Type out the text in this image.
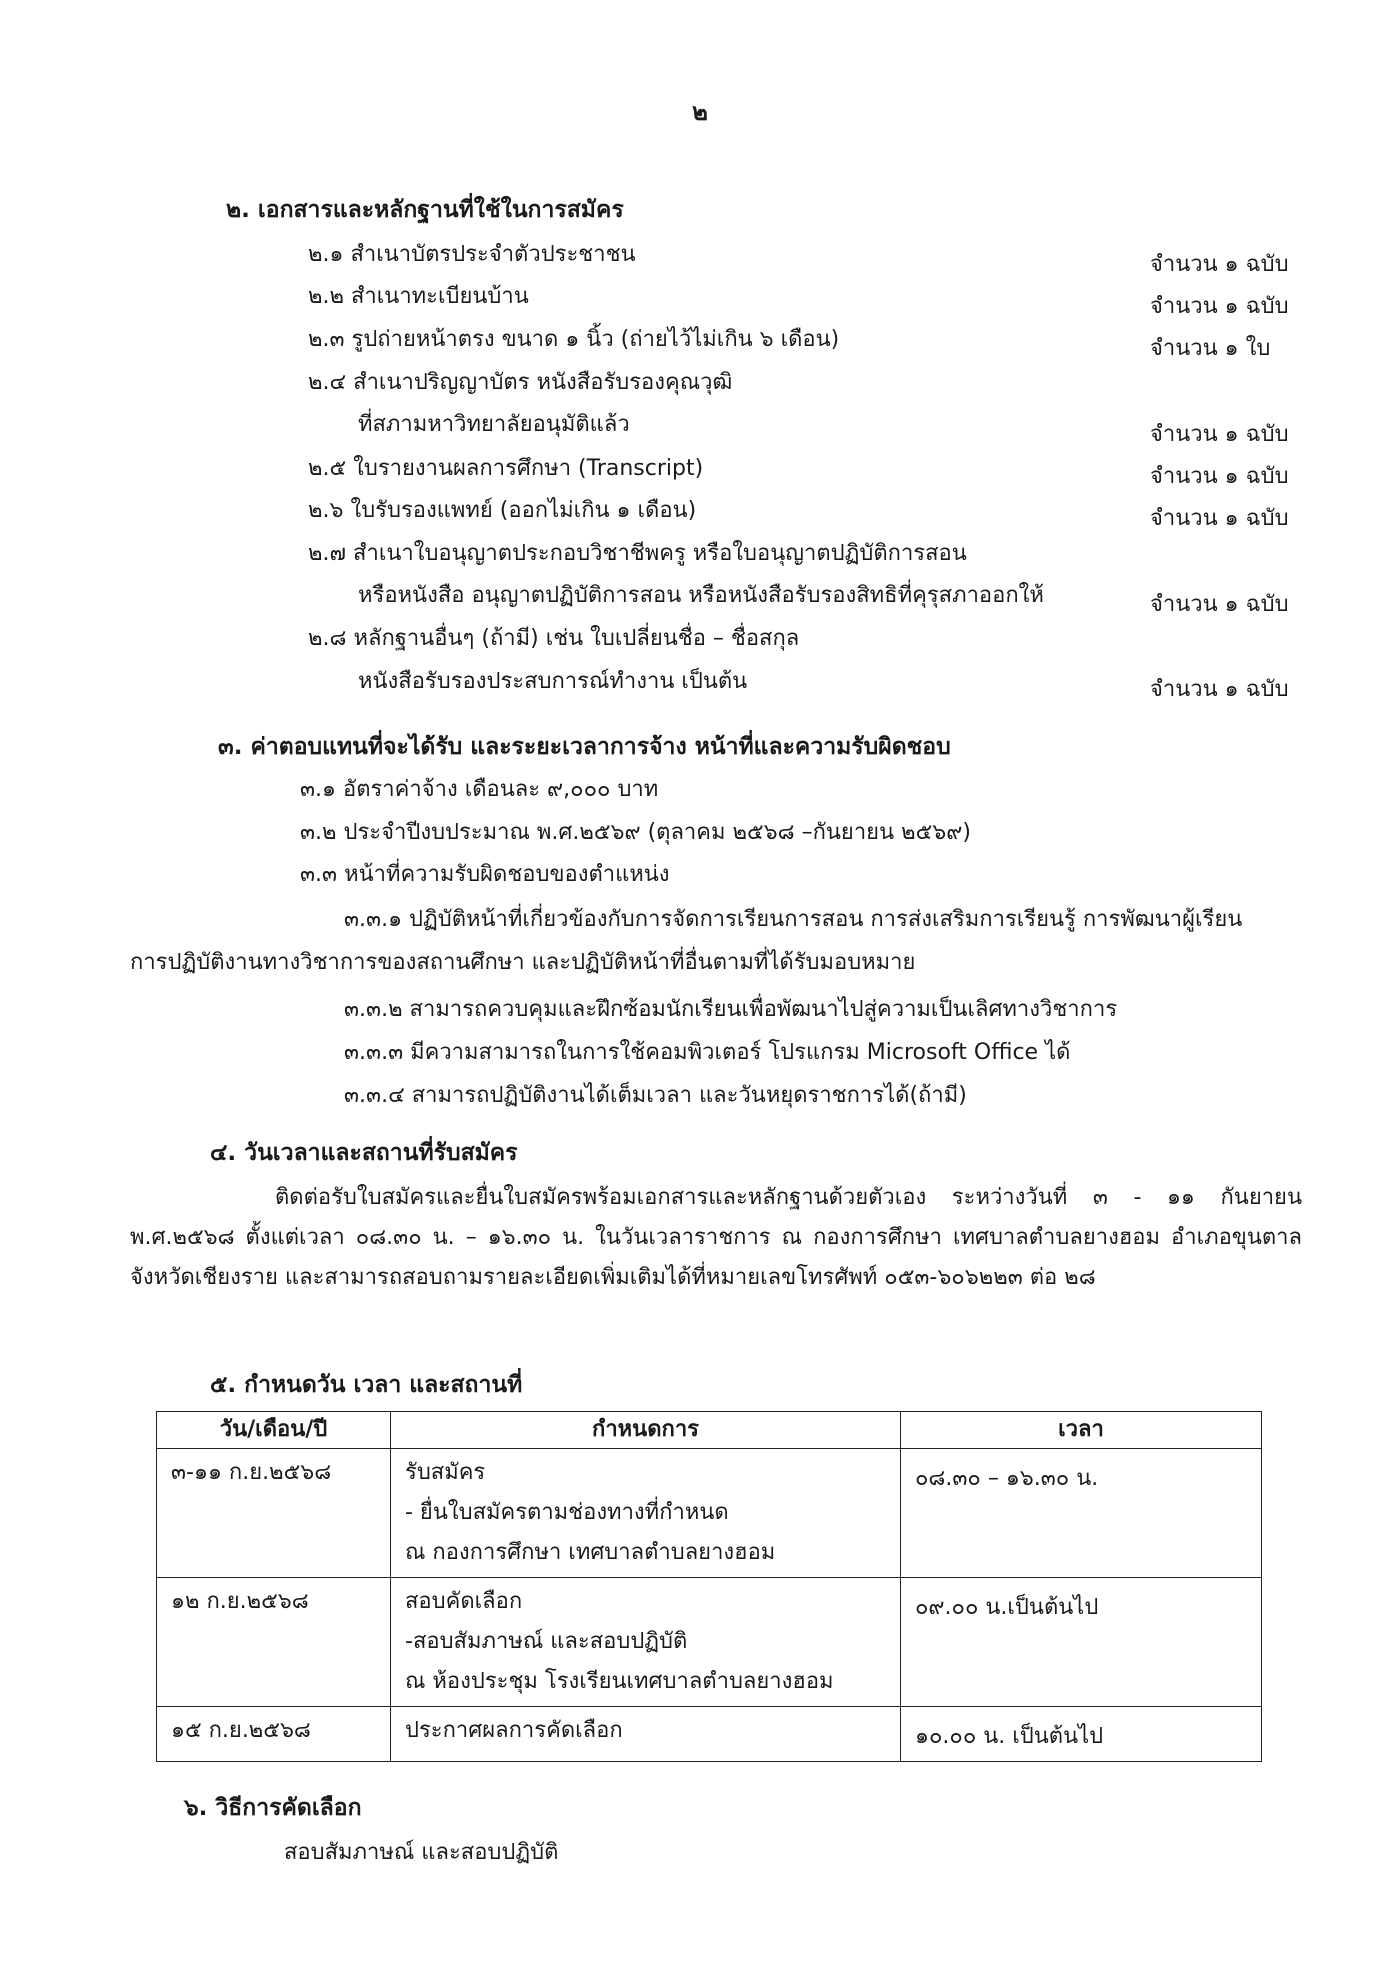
๒
๒. เอกสารและหลักฐานที่ใช้ในการสมัคร
๒.๑ สำเนาบัตรประจำตัวประชาชน	จำนวน ๑ ฉบับ
๒.๒ สำเนาทะเบียนบ้าน	จำนวน ๑ ฉบับ
๒.๓ รูปถ่ายหน้าตรง ขนาด ๑ นิ้ว (ถ่ายไว้ไม่เกิน ๖ เดือน)	จำนวน ๑ ใบ
๒.๔ สำเนาปริญญาบัตร หนังสือรับรองคุณวุฒิ
ที่สภามหาวิทยาลัยอนุมัติแล้ว	จำนวน ๑ ฉบับ
๒.๕ ใบรายงานผลการศึกษา (Transcript)	จำนวน ๑ ฉบับ
๒.๖ ใบรับรองแพทย์ (ออกไม่เกิน ๑ เดือน)	จำนวน ๑ ฉบับ
๒.๗ สำเนาใบอนุญาตประกอบวิชาชีพครู หรือใบอนุญาตปฏิบัติการสอน
หรือหนังสือ อนุญาตปฏิบัติการสอน หรือหนังสือรับรองสิทธิที่คุรุสภาออกให้	จำนวน ๑ ฉบับ
๒.๘ หลักฐานอื่นๆ (ถ้ามี) เช่น ใบเปลี่ยนชื่อ – ชื่อสกุล
หนังสือรับรองประสบการณ์ทำงาน เป็นต้น	จำนวน ๑ ฉบับ
๓. ค่าตอบแทนที่จะได้รับ และระยะเวลาการจ้าง หน้าที่และความรับผิดชอบ
๓.๑ อัตราค่าจ้าง เดือนละ ๙,๐๐๐ บาท
๓.๒ ประจำปีงบประมาณ พ.ศ.๒๕๖๙ (ตุลาคม ๒๕๖๘ –กันยายน ๒๕๖๙)
๓.๓ หน้าที่ความรับผิดชอบของตำแหน่ง
๓.๓.๑ ปฏิบัติหน้าที่เกี่ยวข้องกับการจัดการเรียนการสอน การส่งเสริมการเรียนรู้ การพัฒนาผู้เรียน
การปฏิบัติงานทางวิชาการของสถานศึกษา และปฏิบัติหน้าที่อื่นตามที่ได้รับมอบหมาย
๓.๓.๒ สามารถควบคุมและฝึกซ้อมนักเรียนเพื่อพัฒนาไปสู่ความเป็นเลิศทางวิชาการ
๓.๓.๓ มีความสามารถในการใช้คอมพิวเตอร์ โปรแกรม Microsoft Office ได้
๓.๓.๔ สามารถปฏิบัติงานได้เต็มเวลา และวันหยุดราชการได้(ถ้ามี)
๔. วันเวลาและสถานที่รับสมัคร
ติดต่อรับใบสมัครและยื่นใบสมัครพร้อมเอกสารและหลักฐานด้วยตัวเอง ระหว่างวันที่ ๓ - ๑๑ กันยายน พ.ศ.๒๕๖๘ ตั้งแต่เวลา ๐๘.๓๐ น. – ๑๖.๓๐ น. ในวันเวลาราชการ ณ กองการศึกษา เทศบาลตำบลยางฮอม อำเภอขุนตาล จังหวัดเชียงราย และสามารถสอบถามรายละเอียดเพิ่มเติมได้ที่หมายเลขโทรศัพท์ ๐๕๓-๖๐๖๒๒๓ ต่อ ๒๘
๕. กำหนดวัน เวลา และสถานที่
วัน/เดือน/ปี	กำหนดการ	เวลา
๓-๑๑ ก.ย.๒๕๖๘	รับสมัคร
- ยื่นใบสมัครตามช่องทางที่กำหนด
ณ กองการศึกษา เทศบาลตำบลยางฮอม	๐๘.๓๐ – ๑๖.๓๐ น.
๑๒ ก.ย.๒๕๖๘	สอบคัดเลือก
-สอบสัมภาษณ์ และสอบปฏิบัติ
ณ ห้องประชุม โรงเรียนเทศบาลตำบลยางฮอม	๐๙.๐๐ น.เป็นต้นไป
๑๕ ก.ย.๒๕๖๘	ประกาศผลการคัดเลือก	๑๐.๐๐ น. เป็นต้นไป
๖. วิธีการคัดเลือก
สอบสัมภาษณ์ และสอบปฏิบัติ
